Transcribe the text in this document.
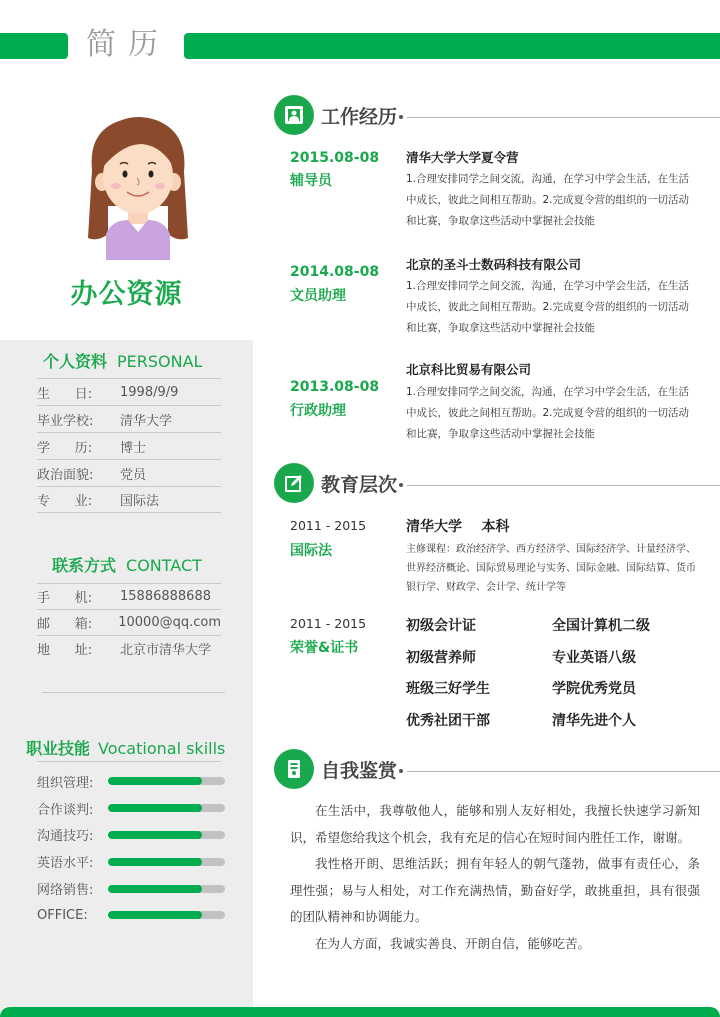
简历
办公资源
个人资料 PERSONAL
生      日:	1998/9/9
毕业学校:	清华大学
学      历:	博士
政治面貌:	党员
专      业:	国际法
联系方式 CONTACT
手      机:	15886888688
邮      箱:	10000@qq.com
地      址:	北京市清华大学
职业技能 Vocational skills
组织管理:
合作谈判:
沟通技巧:
英语水平:
网络销售:
OFFICE:
工作经历
2015.08-08
辅导员
清华大学大学夏令营
1.合理安排同学之间交流，沟通，在学习中学会生活，在生活中成长，彼此之间相互帮助。2.完成夏令营的组织的一切活动和比赛，争取拿这些活动中掌握社会技能
2014.08-08
文员助理
北京的圣斗士数码科技有限公司
1.合理安排同学之间交流，沟通，在学习中学会生活，在生活中成长，彼此之间相互帮助。2.完成夏令营的组织的一切活动和比赛，争取拿这些活动中掌握社会技能
2013.08-08
行政助理
北京科比贸易有限公司
1.合理安排同学之间交流，沟通，在学习中学会生活，在生活中成长，彼此之间相互帮助。2.完成夏令营的组织的一切活动和比赛，争取拿这些活动中掌握社会技能
教育层次
2011 - 2015
国际法
清华大学    本科
主修课程：政治经济学、西方经济学、国际经济学、计量经济学、世界经济概论、国际贸易理论与实务、国际金融、国际结算、货币银行学、财政学、会计学、统计学等
2011 - 2015
荣誉&证书
初级会计证	全国计算机二级
初级营养师	专业英语八级
班级三好学生	学院优秀党员
优秀社团干部	清华先进个人
自我鉴赏

在生活中，我尊敬他人，能够和别人友好相处，我擅长快速学习新知识，希望您给我这个机会，我有充足的信心在短时间内胜任工作，谢谢。

我性格开朗、思维活跃；拥有年轻人的朝气蓬勃，做事有责任心，条理性强；易与人相处，对工作充满热情，勤奋好学，敢挑重担，具有很强的团队精神和协调能力。

在为人方面，我诚实善良、开朗自信，能够吃苦。
